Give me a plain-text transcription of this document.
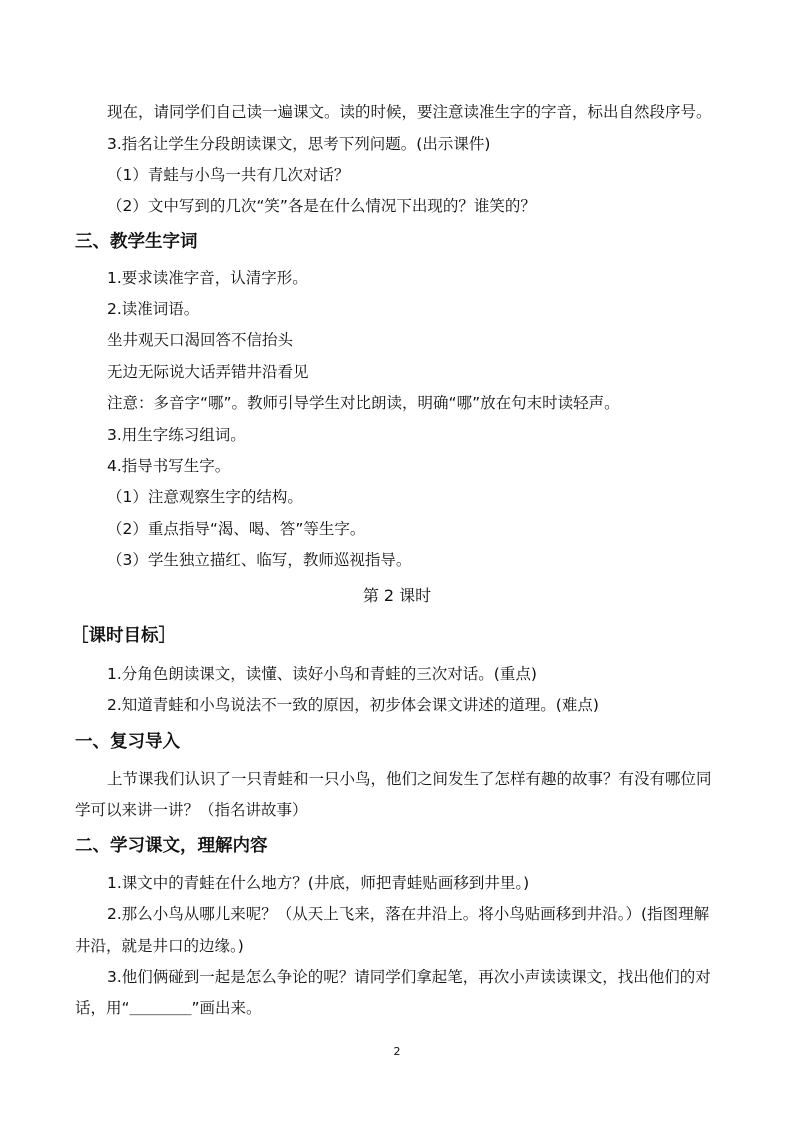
现在，请同学们自己读一遍课文。读的时候，要注意读准生字的字音，标出自然段序号。
3.指名让学生分段朗读课文，思考下列问题。(出示课件)
（1）青蛙与小鸟一共有几次对话？
（2）文中写到的几次“笑”各是在什么情况下出现的？谁笑的？
三、教学生字词
1.要求读准字音，认清字形。
2.读准词语。
坐井观天口渴回答不信抬头
无边无际说大话弄错井沿看见
注意：多音字“哪”。教师引导学生对比朗读，明确“哪”放在句末时读轻声。
3.用生字练习组词。
4.指导书写生字。
（1）注意观察生字的结构。
（2）重点指导“渴、喝、答”等生字。
（3）学生独立描红、临写，教师巡视指导。
第 2 课时
［课时目标］
1.分角色朗读课文，读懂、读好小鸟和青蛙的三次对话。(重点)
2.知道青蛙和小鸟说法不一致的原因，初步体会课文讲述的道理。(难点)
一、复习导入
上节课我们认识了一只青蛙和一只小鸟，他们之间发生了怎样有趣的故事？有没有哪位同
学可以来讲一讲？（指名讲故事）
二、学习课文，理解内容
1.课文中的青蛙在什么地方？(井底，师把青蛙贴画移到井里。)
2.那么小鸟从哪儿来呢？（从天上飞来，落在井沿上。将小鸟贴画移到井沿。）(指图理解
井沿，就是井口的边缘。)
3.他们俩碰到一起是怎么争论的呢？请同学们拿起笔，再次小声读读课文，找出他们的对
话，用“＿＿＿＿”画出来。
2
